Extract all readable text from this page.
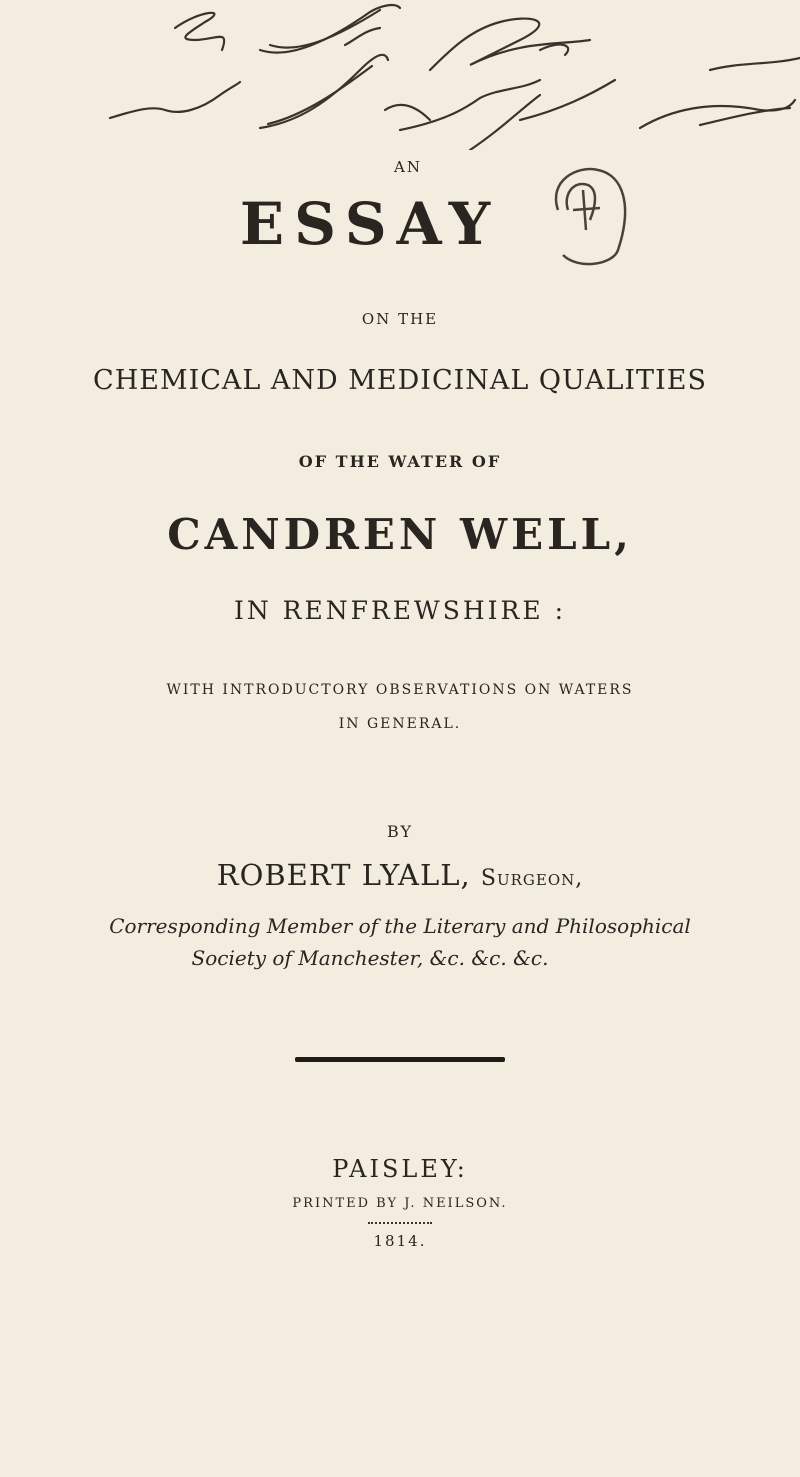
AN
ESSAY
ON THE
CHEMICAL AND MEDICINAL QUALITIES
OF THE WATER OF
CANDREN WELL,
IN RENFREWSHIRE :
WITH INTRODUCTORY OBSERVATIONS ON WATERS
IN GENERAL.
BY
ROBERT LYALL, Surgeon,
Corresponding Member of the Literary and Philosophical
Society of Manchester, &c. &c. &c.
PAISLEY:
PRINTED BY J. NEILSON.
1814.
